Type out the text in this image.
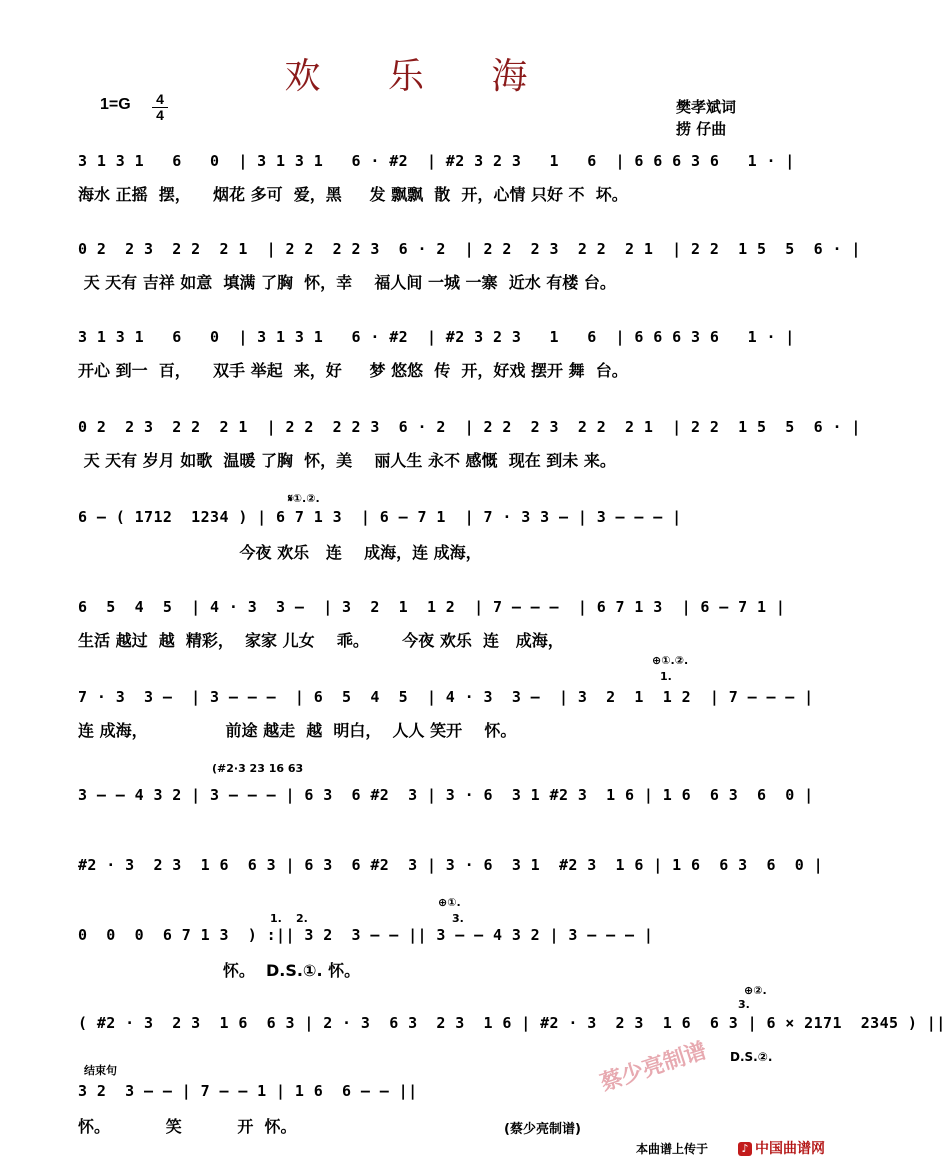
欢 乐 海
1=G 4
4	樊孝斌词
捞 仔曲
3 1 3 1   6   0  | 3 1 3 1   6 · #2  | #2 3 2 3   1   6  | 6 6 6 3 6   1 · |
海水 正摇  摆，    烟花 多可  爱，黑     发 飘飘  散  开，心情 只好 不  坏。
0 2  2 3  2 2  2 1  | 2 2  2 2 3  6 · 2  | 2 2  2 3  2 2  2 1  | 2 2  1 5  5  6 · |
天 天有 吉祥 如意  填满 了胸  怀，幸    福人间 一城 一寨  近水 有楼 台。
3 1 3 1   6   0  | 3 1 3 1   6 · #2  | #2 3 2 3   1   6  | 6 6 6 3 6   1 · |
开心 到一  百，    双手 举起  来，好     梦 悠悠  传  开，好戏 摆开 舞  台。
0 2  2 3  2 2  2 1  | 2 2  2 2 3  6 · 2  | 2 2  2 3  2 2  2 1  | 2 2  1 5  5  6 · |
天 天有 岁月 如歌  温暖 了胸  怀，美    丽人生 永不 感慨  现在 到未 来。
𝄋①.②.
6 — ( 1712  1234 ) | 6 7 1 3  | 6 — 7 1  | 7 · 3 3 — | 3 — — — |
今夜 欢乐   连    成海，连 成海，
6  5  4  5  | 4 · 3  3 —  | 3  2  1  1 2  | 7 — — —  | 6 7 1 3  | 6 — 7 1 |
生活 越过  越  精彩，  家家 儿女    乖。      今夜 欢乐  连   成海，
⊕①.②.
1.
7 · 3  3 —  | 3 — — —  | 6  5  4  5  | 4 · 3  3 —  | 3  2  1  1 2  | 7 — — — |
连 成海，              前途 越走  越  明白，  人人 笑开    怀。
(#2·3 23 16 63
3 — — 4 3 2 | 3 — — — | 6 3  6 #2  3 | 3 · 6  3 1 #2 3  1 6 | 1 6  6 3  6  0 |
#2 · 3  2 3  1 6  6 3 | 6 3  6 #2  3 | 3 · 6  3 1  #2 3  1 6 | 1 6  6 3  6  0 |
⊕①.
1. 2.	3.
0  0  0  6 7 1 3  ) :|| 3 2  3 — — || 3 — — 4 3 2 | 3 — — — |
怀。  D.S.①. 怀。
⊕②.
3.
( #2 · 3  2 3  1 6  6 3 | 2 · 3  6 3  2 3  1 6 | #2 · 3  2 3  1 6  6 3 | 6 × 2171  2345 ) ||
D.S.②.
结束句
3 2  3 — — | 7 — — 1 | 1 6  6 — — ||
怀。          笑          开  怀。	(蔡少亮制谱)
蔡少亮制谱
本曲谱上传于	♪ 中国曲谱网
